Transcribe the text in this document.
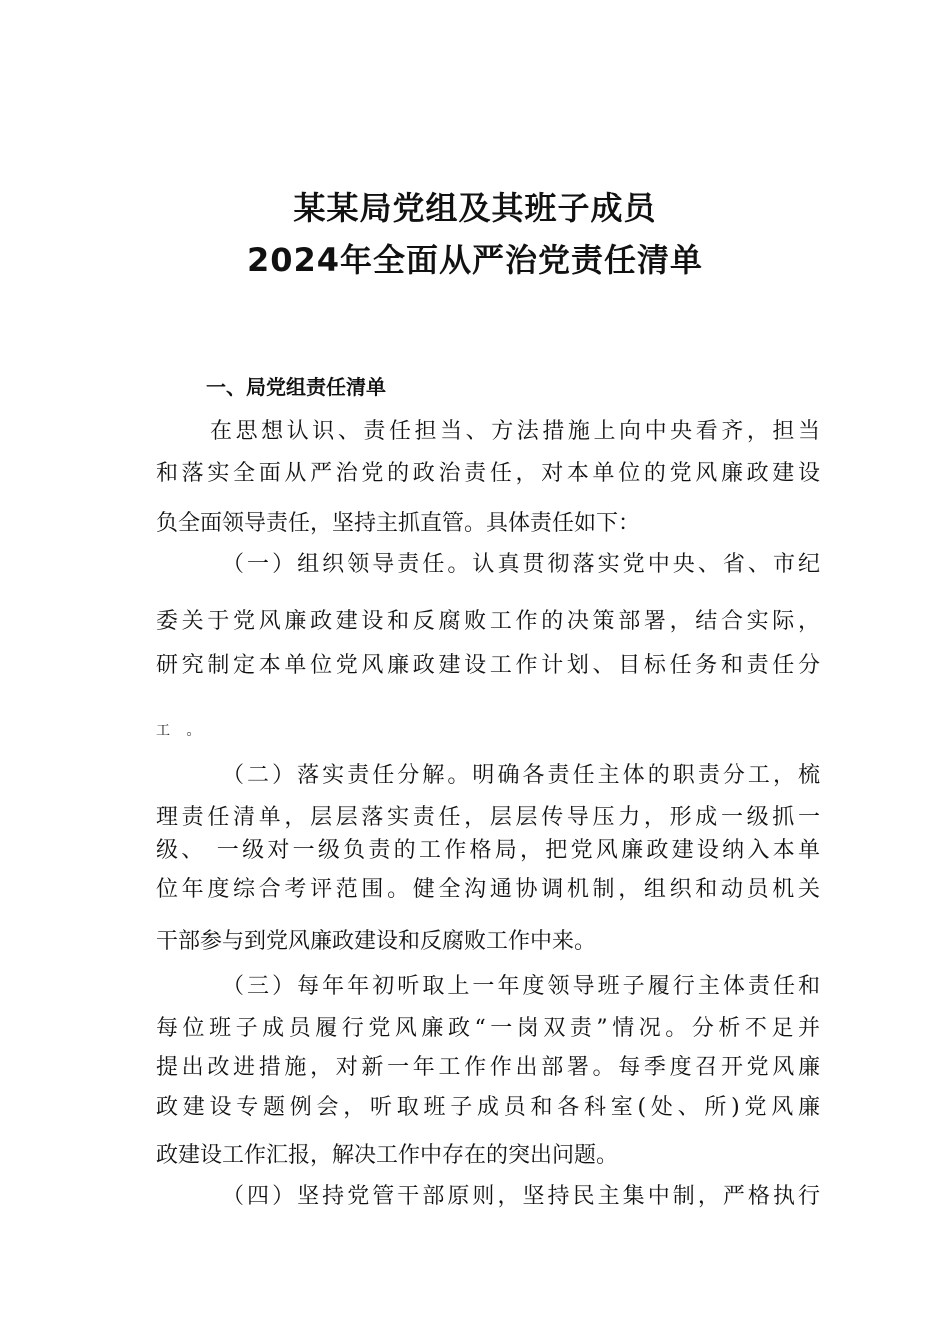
某某局党组及其班子成员
2024年全面从严治党责任清单
一、局党组责任清单
在思想认识、责任担当、方法措施上向中央看齐，担当
和落实全面从严治党的政治责任，对本单位的党风廉政建设
负全面领导责任，坚持主抓直管。具体责任如下：
（一）组织领导责任。认真贯彻落实党中央、省、市纪
委关于党风廉政建设和反腐败工作的决策部署，结合实际，
研究制定本单位党风廉政建设工作计划、目标任务和责任分
工 。
（二）落实责任分解。明确各责任主体的职责分工，梳
理责任清单，层层落实责任，层层传导压力，形成一级抓一
级、 一级对一级负责的工作格局，把党风廉政建设纳入本单
位年度综合考评范围。健全沟通协调机制，组织和动员机关
干部参与到党风廉政建设和反腐败工作中来。
（三）每年年初听取上一年度领导班子履行主体责任和
每位班子成员履行党风廉政“一岗双责”情况。分析不足并
提出改进措施，对新一年工作作出部署。每季度召开党风廉
政建设专题例会，听取班子成员和各科室(处、所)党风廉
政建设工作汇报，解决工作中存在的突出问题。
（四）坚持党管干部原则，坚持民主集中制，严格执行
